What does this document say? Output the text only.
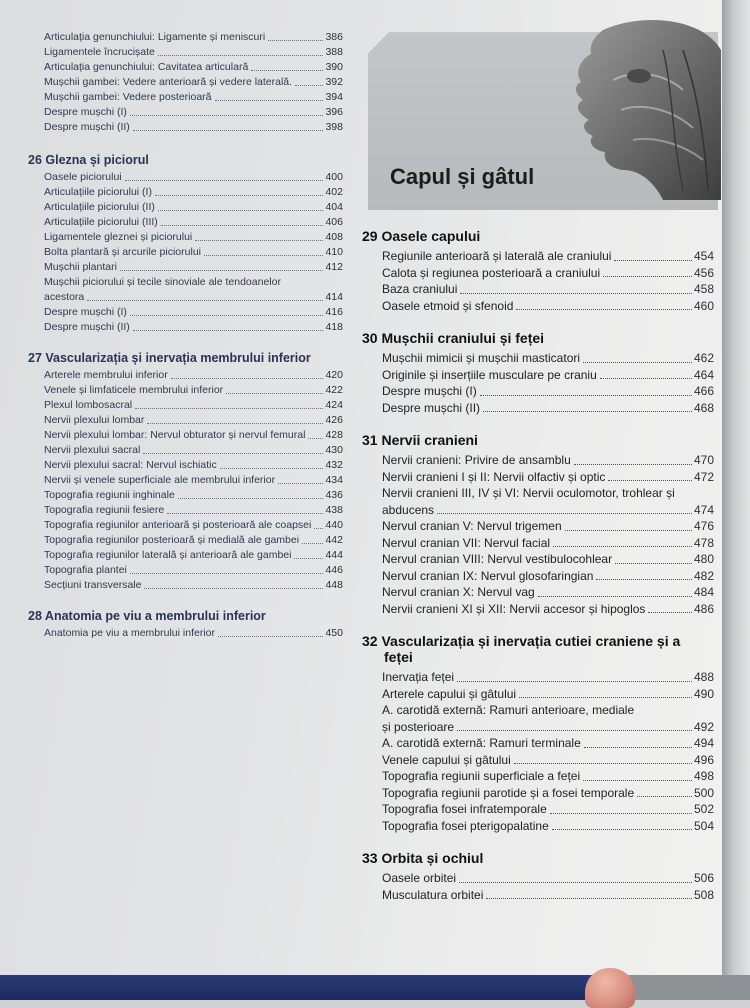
Capul și gâtul
Articulația genunchiului: Ligamente și meniscuri	386
Ligamentele încrucișate	388
Articulația genunchiului: Cavitatea articulară	390
Mușchii gambei: Vedere anterioară și vedere laterală.	392
Mușchii gambei: Vedere posterioară	394
Despre mușchi (I)	396
Despre mușchi (II)	398
26 Glezna și piciorul
Oasele piciorului	400
Articulațiile piciorului (I)	402
Articulațiile piciorului (II)	404
Articulațiile piciorului (III)	406
Ligamentele gleznei și piciorului	408
Bolta plantară și arcurile piciorului	410
Mușchii plantari	412
Mușchii piciorului și tecile sinoviale ale tendoanelor
acestora	414
Despre mușchi (I)	416
Despre mușchi (II)	418
27 Vascularizația și inervația membrului inferior
Arterele membrului inferior	420
Venele și limfaticele membrului inferior	422
Plexul lombosacral	424
Nervii plexului lombar	426
Nervii plexului lombar: Nervul obturator și nervul femural 428
Nervii plexului sacral	430
Nervii plexului sacral: Nervul ischiatic	432
Nervii și venele superficiale ale membrului inferior	434
Topografia regiunii inghinale	436
Topografia regiunii fesiere	438
Topografia regiunilor anterioară și posterioară ale coapsei 440
Topografia regiunilor posterioară și medială ale gambei	442
Topografia regiunilor laterală și anterioară ale gambei	444
Topografia plantei	446
Secțiuni transversale	448
28 Anatomia pe viu a membrului inferior
Anatomia pe viu a membrului inferior	450
29 Oasele capului
Regiunile anterioară și laterală ale craniului	454
Calota și regiunea posterioară a craniului	456
Baza craniului	458
Oasele etmoid și sfenoid	460
30 Mușchii craniului și feței
Mușchii mimicii și mușchii masticatori	462
Originile și inserțiile musculare pe craniu	464
Despre mușchi (I)	466
Despre mușchi (II)	468
31 Nervii cranieni
Nervii cranieni: Privire de ansamblu	470
Nervii cranieni I și II: Nervii olfactiv și optic	472
Nervii cranieni III, IV și VI: Nervii oculomotor, trohlear și
abducens	474
Nervul cranian V: Nervul trigemen	476
Nervul cranian VII: Nervul facial	478
Nervul cranian VIII: Nervul vestibulocohlear	480
Nervul cranian IX: Nervul glosofaringian	482
Nervul cranian X: Nervul vag	484
Nervii cranieni XI și XII: Nervii accesor și hipoglos	486
32 Vascularizația și inervația cutiei craniene și a
feței
Inervația feței	488
Arterele capului și gâtului	490
A. carotidă externă: Ramuri anterioare, mediale
și posterioare	492
A. carotidă externă: Ramuri terminale	494
Venele capului și gâtului	496
Topografia regiunii superficiale a feței	498
Topografia regiunii parotide și a fosei temporale	500
Topografia fosei infratemporale	502
Topografia fosei pterigopalatine	504
33 Orbita și ochiul
Oasele orbitei	506
Musculatura orbitei	508
